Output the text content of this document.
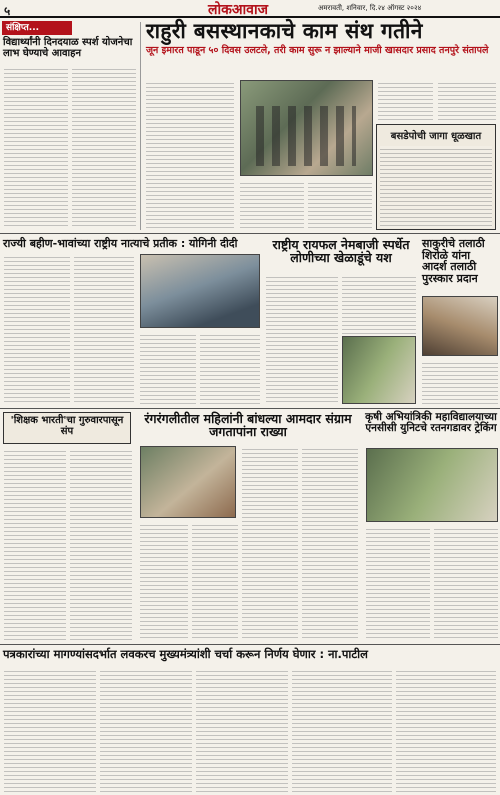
५	लोकआवाज	अमरावती, शनिवार, दि.२४ ऑगस्ट २०२४
संक्षिप्त...
विद्यार्थ्यांनी दिनदयाळ स्पर्श योजनेचा लाभ घेण्याचे आवाहन
राहुरी बसस्थानकाचे काम संथ गतीने
जून इमारत पाडून ५० दिवस उलटले, तरी काम सुरू न झाल्याने माजी खासदार प्रसाद तनपुरे संतापले
बसडेपोची जागा धूळखात
राज्यी बहीण-भावांच्या राष्ट्रीय नात्याचे प्रतीक : योगिनी दीदी	राष्ट्रीय रायफल नेमबाजी स्पर्धेत लोणीच्या खेळाडूंचे यश
साकुरीचे तलाठी शिरोळे यांना आदर्श तलाठी पुरस्कार प्रदान
'शिक्षक भारती'चा गुरुवारपासून संप
रंगरंगलीतील महिलांनी बांधल्या आमदार संग्राम जगतापांना राख्या
कृषी अभियांत्रिकी महाविद्यालयाच्या एनसीसी युनिटचे रतनगडावर ट्रेकिंग
पत्रकारांच्या मागण्यांसदर्भात लवकरच मुख्यमंत्र्यांशी चर्चा करून निर्णय घेणार : ना.पाटील
